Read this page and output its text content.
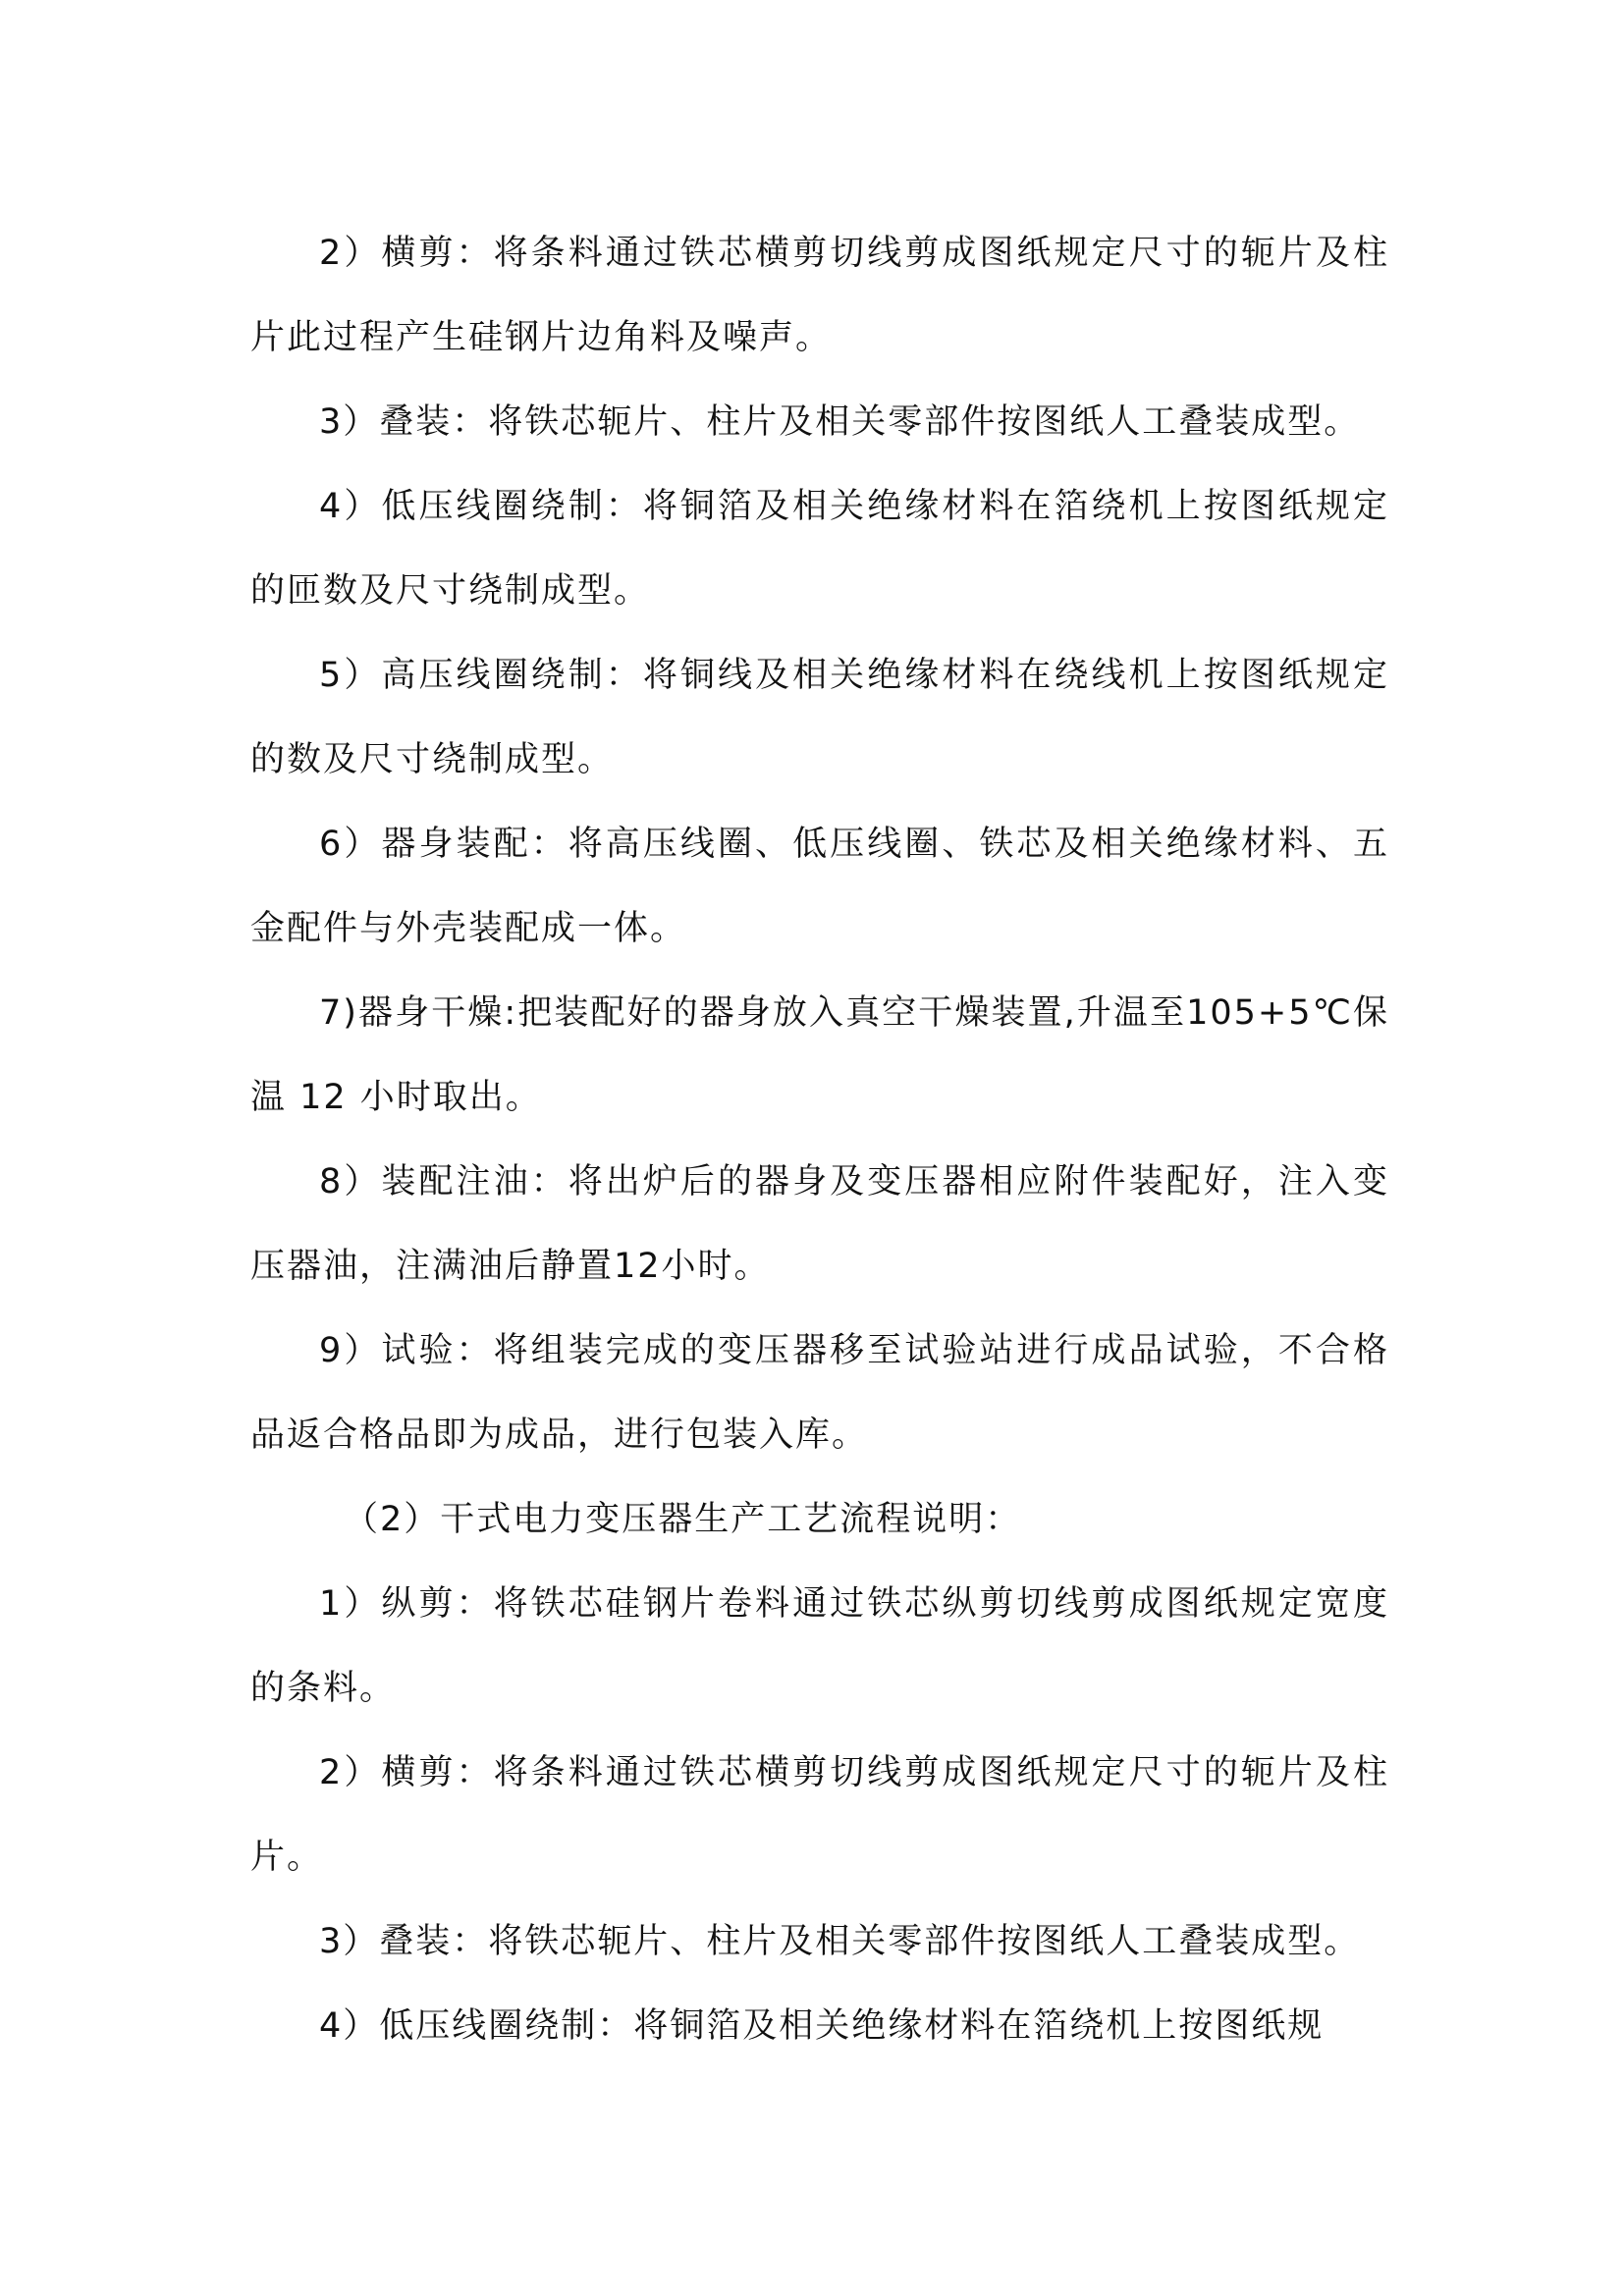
2）横剪：将条料通过铁芯横剪切线剪成图纸规定尺寸的轭片及柱片此过程产生硅钢片边角料及噪声。

3）叠装：将铁芯轭片、柱片及相关零部件按图纸人工叠装成型。

4）低压线圈绕制：将铜箔及相关绝缘材料在箔绕机上按图纸规定的匝数及尺寸绕制成型。

5）高压线圈绕制：将铜线及相关绝缘材料在绕线机上按图纸规定的数及尺寸绕制成型。

6）器身装配：将高压线圈、低压线圈、铁芯及相关绝缘材料、五金配件与外壳装配成一体。

7)器身干燥:把装配好的器身放入真空干燥装置,升温至105+5℃保温 12 小时取出。

8）装配注油：将出炉后的器身及变压器相应附件装配好，注入变压器油，注满油后静置12小时。

9）试验：将组装完成的变压器移至试验站进行成品试验，不合格品返合格品即为成品，进行包装入库。

（2）干式电力变压器生产工艺流程说明：

1）纵剪：将铁芯硅钢片卷料通过铁芯纵剪切线剪成图纸规定宽度的条料。

2）横剪：将条料通过铁芯横剪切线剪成图纸规定尺寸的轭片及柱片。

3）叠装：将铁芯轭片、柱片及相关零部件按图纸人工叠装成型。

4）低压线圈绕制：将铜箔及相关绝缘材料在箔绕机上按图纸规
